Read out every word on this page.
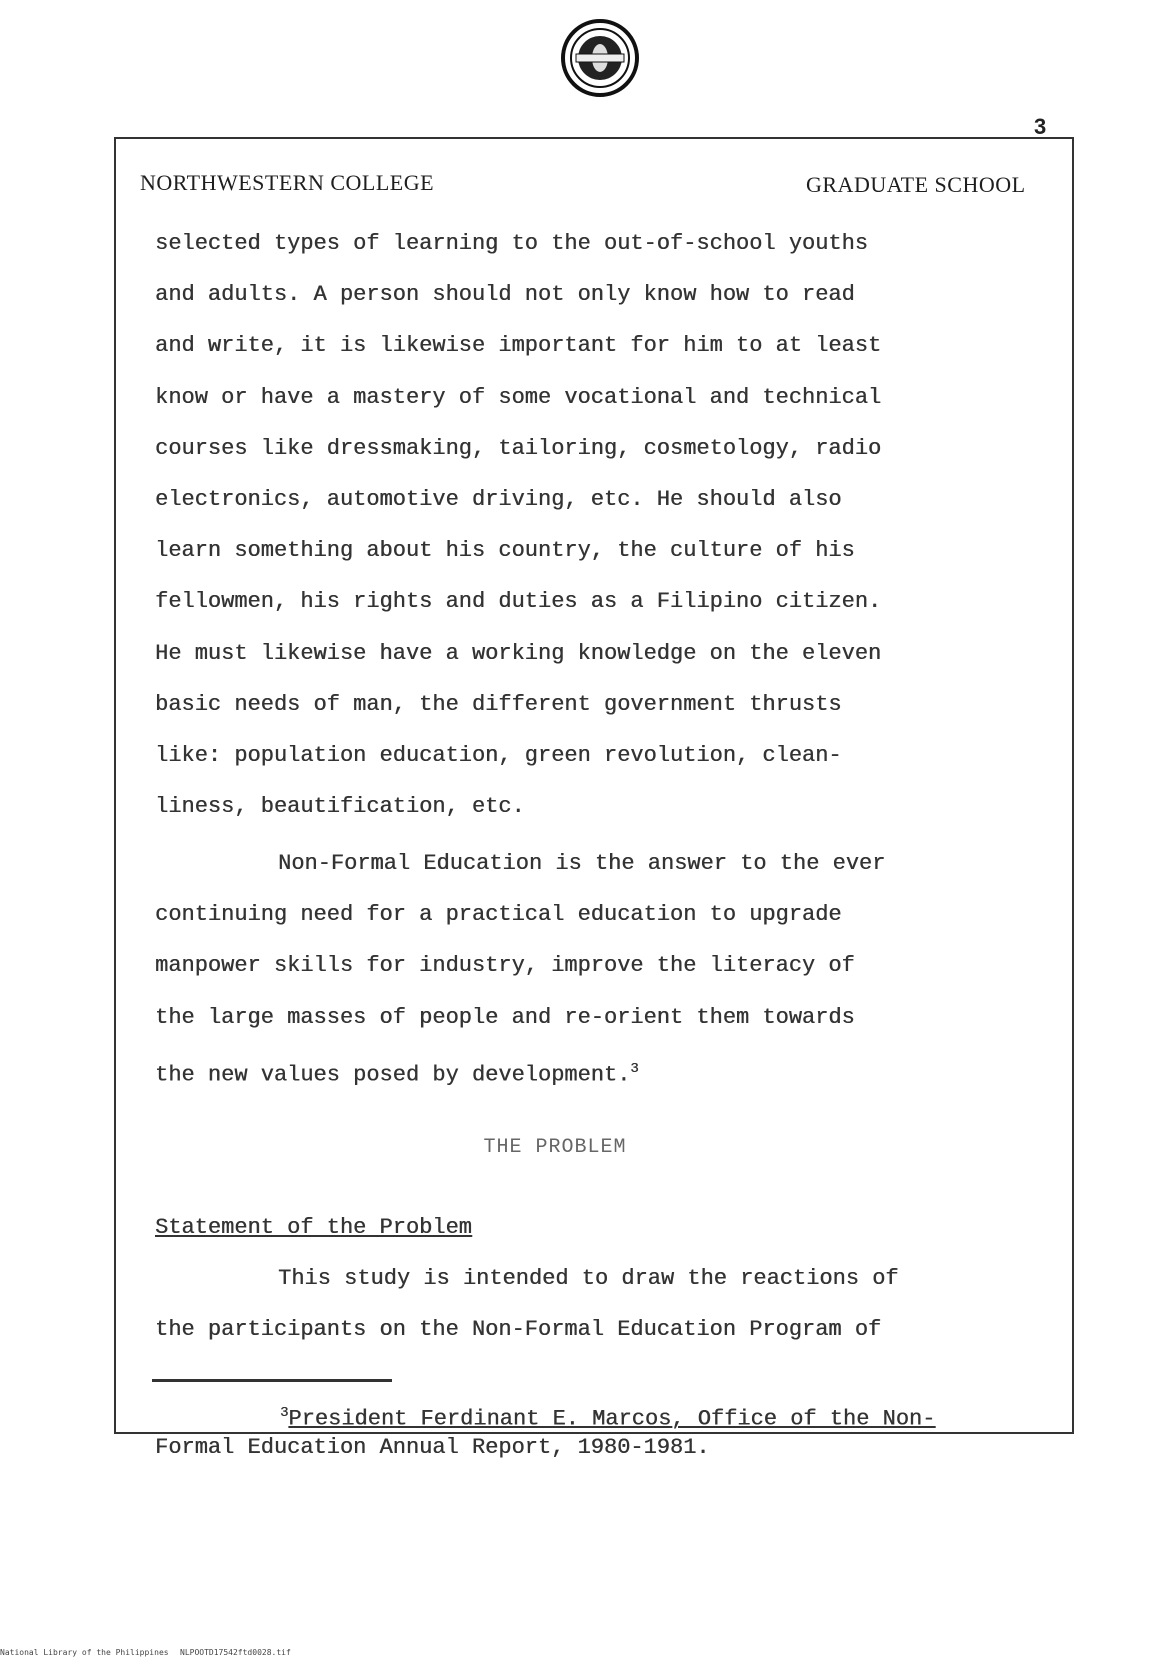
3
NORTHWESTERN COLLEGE	GRADUATE SCHOOL
selected types of learning to the out-of-school youths
and adults. A person should not only know how to read
and write, it is likewise important for him to at least
know or have a mastery of some vocational and technical
courses like dressmaking, tailoring, cosmetology, radio
electronics, automotive driving, etc. He should also
learn something about his country, the culture of his
fellowmen, his rights and duties as a Filipino citizen.
He must likewise have a working knowledge on the eleven
basic needs of man, the different government thrusts
like: population education, green revolution, clean-
liness, beautification, etc.
Non-Formal Education is the answer to the ever
continuing need for a practical education to upgrade
manpower skills for industry, improve the literacy of
the large masses of people and re-orient them towards
the new values posed by development.$^3$
THE PROBLEM
Statement of the Problem
This study is intended to draw the reactions of
the participants on the Non-Formal Education Program of
$^3$President Ferdinant E. Marcos, Office of the Non-
Formal Education Annual Report, 1980-1981.
National Library of the Philippines NLPOOTD17542ftd0028.tif
